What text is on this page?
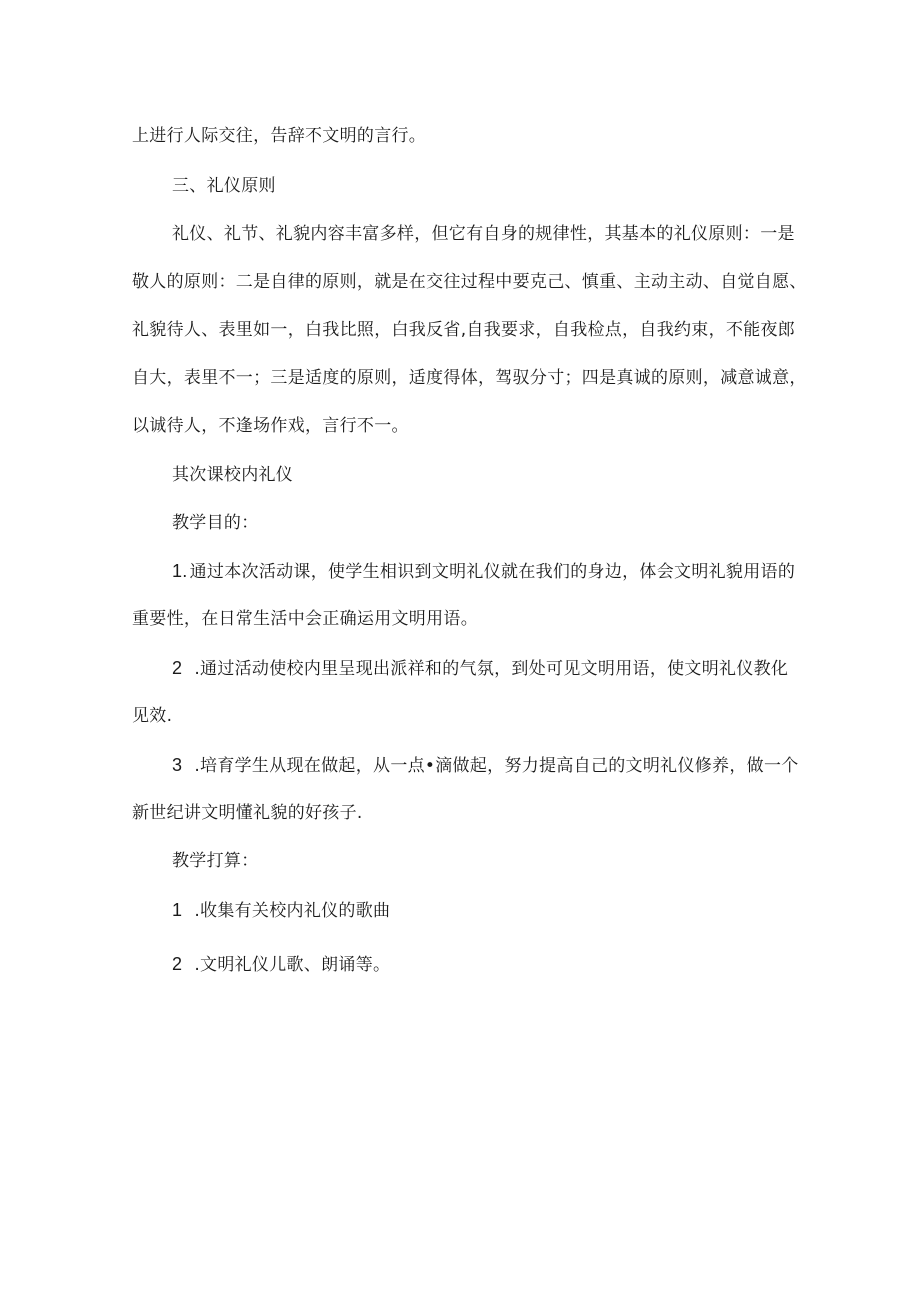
上进行人际交往，告辞不文明的言行。
三、礼仪原则
礼仪、礼节、礼貌内容丰富多样，但它有自身的规律性，其基本的礼仪原则：一是
敬人的原则：二是自律的原则，就是在交往过程中要克己、慎重、主动主动、自觉自愿、
礼貌待人、表里如一，白我比照，白我反省,自我要求，自我检点，自我约束，不能夜郎
自大，表里不一；三是适度的原则，适度得体，驾驭分寸；四是真诚的原则，减意诚意，
以诚待人，不逢场作戏，言行不一。
其次课校内礼仪
教学目的：
1. 通过本次活动课，使学生相识到文明礼仪就在我们的身边，体会文明礼貌用语的
重要性，在日常生活中会正确运用文明用语。
2 .通过活动使校内里呈现出派祥和的气氛，到处可见文明用语，使文明礼仪教化
见效.
3 .培育学生从现在做起，从一点•滴做起，努力提高自己的文明礼仪修养，做一个
新世纪讲文明懂礼貌的好孩子.
教学打算：
1 .收集有关校内礼仪的歌曲
2 .文明礼仪儿歌、朗诵等。
